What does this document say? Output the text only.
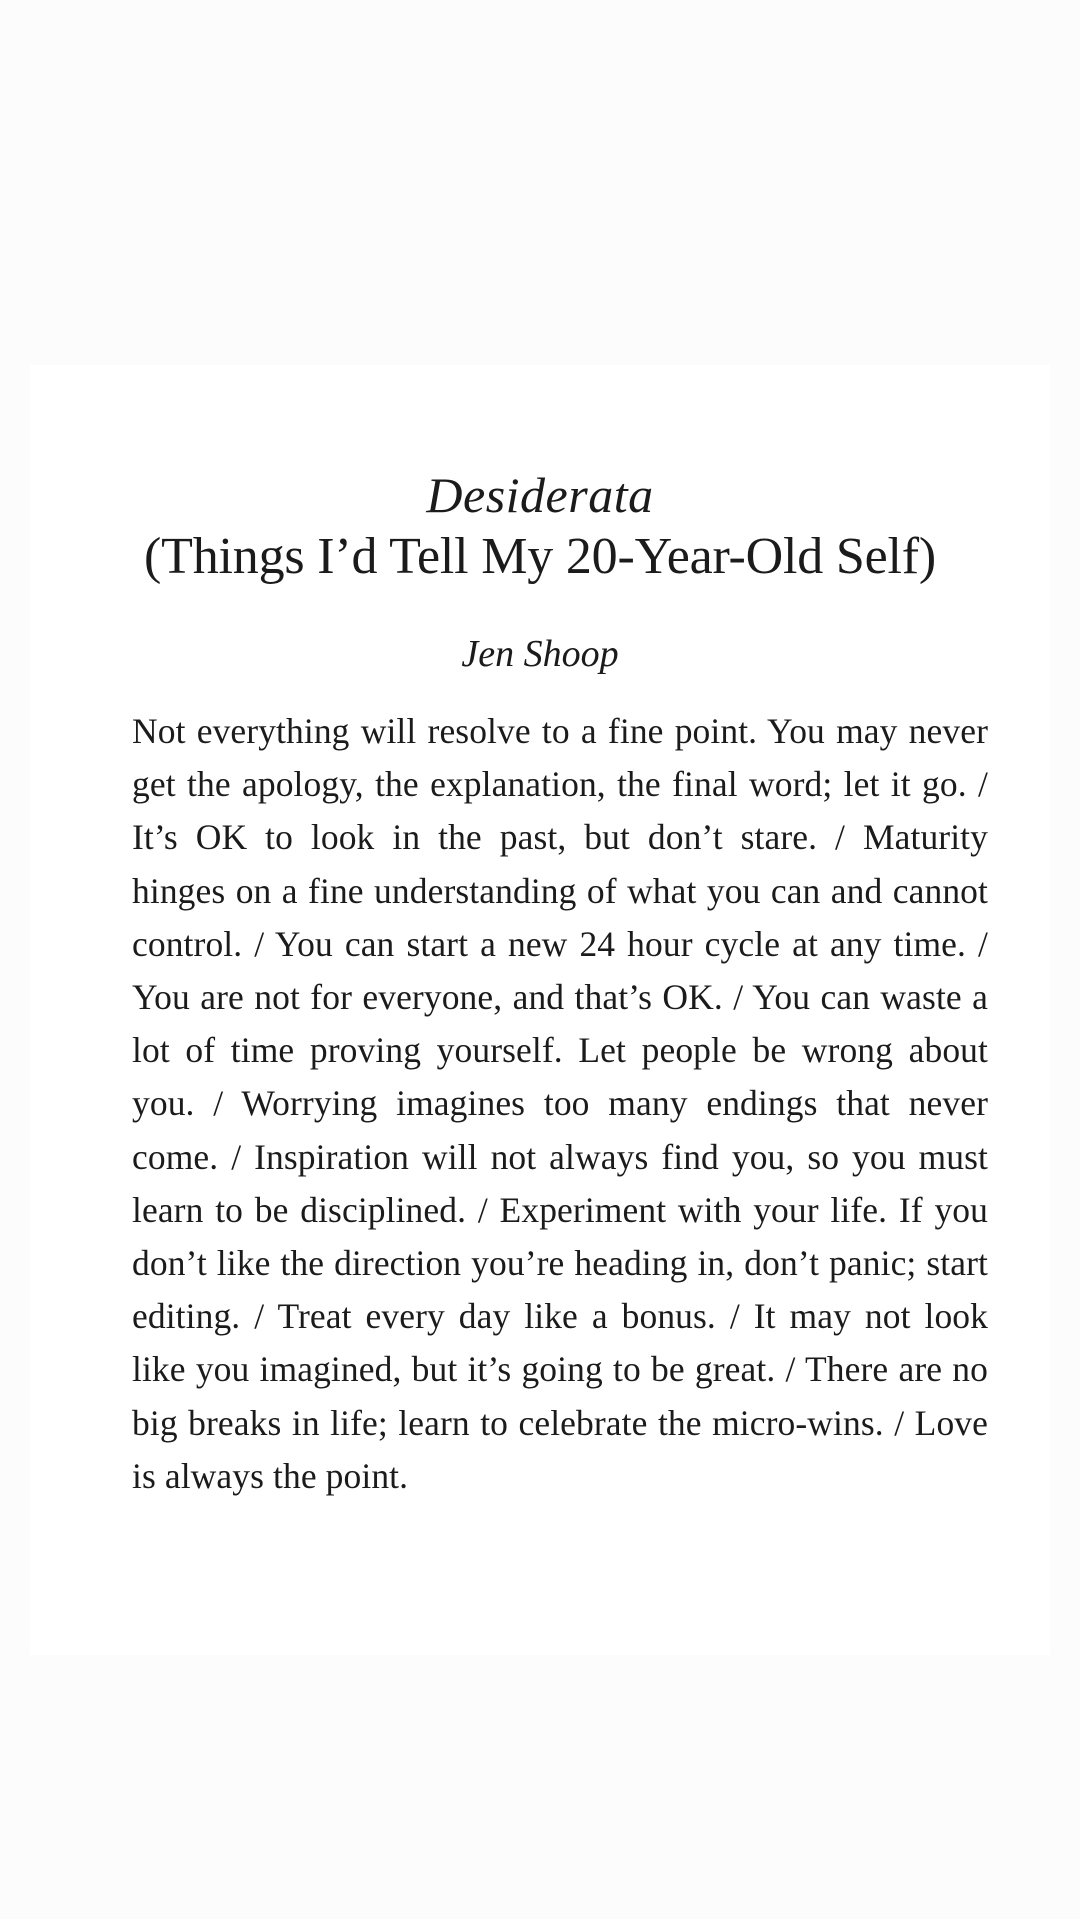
Desiderata
(Things I’d Tell My 20-Year-Old Self)
Jen Shoop

Not everything will resolve to a fine point. You may never get the apology, the explanation, the final word; let it go. / It’s OK to look in the past, but don’t stare. / Maturity hinges on a fine understanding of what you can and cannot control. / You can start a new 24 hour cycle at any time. / You are not for everyone, and that’s OK. / You can waste a lot of time proving yourself. Let people be wrong about you. / Worrying imagines too many endings that never come. / Inspiration will not always find you, so you must learn to be disciplined. / Experiment with your life. If you don’t like the direction you’re heading in, don’t panic; start editing. / Treat every day like a bonus. / It may not look like you imagined, but it’s going to be great. / There are no big breaks in life; learn to celebrate the micro-wins. / Love is always the point.
